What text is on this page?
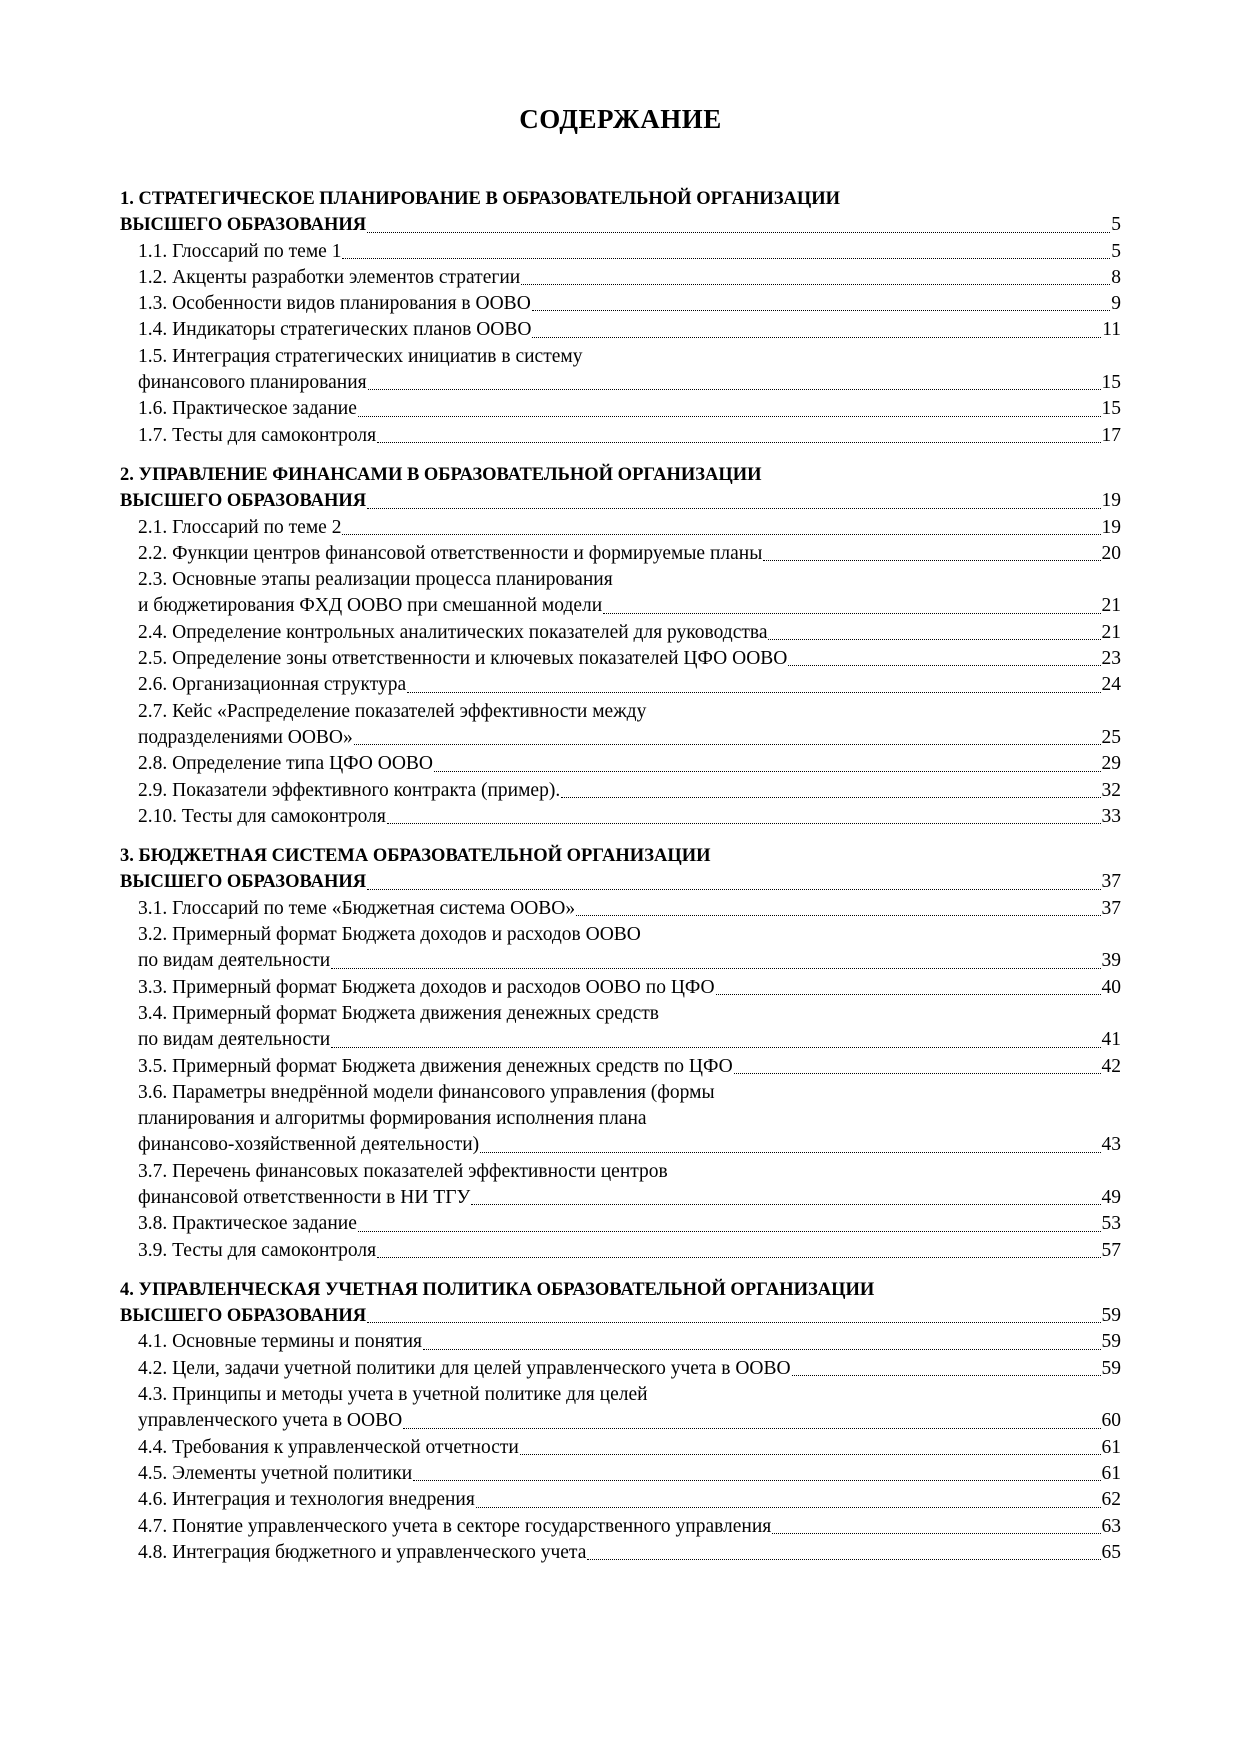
СОДЕРЖАНИЕ
1. СТРАТЕГИЧЕСКОЕ ПЛАНИРОВАНИЕ В ОБРАЗОВАТЕЛЬНОЙ ОРГАНИЗАЦИИ
ВЫСШЕГО ОБРАЗОВАНИЯ	5
1.1. Глоссарий по теме 1	5
1.2. Акценты разработки элементов стратегии	8
1.3. Особенности видов планирования в ООВО	9
1.4. Индикаторы стратегических планов ООВО	11
1.5. Интеграция стратегических инициатив в систему
финансового планирования	15
1.6. Практическое задание	15
1.7. Тесты для самоконтроля	17
2. УПРАВЛЕНИЕ ФИНАНСАМИ В ОБРАЗОВАТЕЛЬНОЙ ОРГАНИЗАЦИИ
ВЫСШЕГО ОБРАЗОВАНИЯ	19
2.1. Глоссарий по теме 2	19
2.2. Функции центров финансовой ответственности и формируемые планы	20
2.3. Основные этапы реализации процесса планирования
и бюджетирования ФХД ООВО при смешанной модели	21
2.4. Определение контрольных аналитических показателей для руководства	21
2.5. Определение зоны ответственности и ключевых показателей ЦФО ООВО	23
2.6. Организационная структура	24
2.7. Кейс «Распределение показателей эффективности между
подразделениями ООВО»	25
2.8. Определение типа ЦФО ООВО	29
2.9. Показатели эффективного контракта (пример).	32
2.10. Тесты для самоконтроля	33
3. БЮДЖЕТНАЯ СИСТЕМА ОБРАЗОВАТЕЛЬНОЙ ОРГАНИЗАЦИИ
ВЫСШЕГО ОБРАЗОВАНИЯ	37
3.1. Глоссарий по теме «Бюджетная система ООВО»	37
3.2. Примерный формат Бюджета доходов и расходов ООВО
по видам деятельности	39
3.3. Примерный формат Бюджета доходов и расходов ООВО по ЦФО	40
3.4. Примерный формат Бюджета движения денежных средств
по видам деятельности	41
3.5. Примерный формат Бюджета движения денежных средств по ЦФО	42
3.6. Параметры внедрённой модели финансового управления (формы
планирования и алгоритмы формирования исполнения плана
финансово-хозяйственной деятельности)	43
3.7. Перечень финансовых показателей эффективности центров
финансовой ответственности в НИ ТГУ	49
3.8. Практическое задание	53
3.9. Тесты для самоконтроля	57
4. УПРАВЛЕНЧЕСКАЯ УЧЕТНАЯ ПОЛИТИКА ОБРАЗОВАТЕЛЬНОЙ ОРГАНИЗАЦИИ
ВЫСШЕГО ОБРАЗОВАНИЯ	59
4.1. Основные термины и понятия	59
4.2. Цели, задачи учетной политики для целей управленческого учета в ООВО	59
4.3. Принципы и методы учета в учетной политике для целей
управленческого учета в ООВО	60
4.4. Требования к управленческой отчетности	61
4.5. Элементы учетной политики	61
4.6. Интеграция и технология внедрения	62
4.7. Понятие управленческого учета в секторе государственного управления	63
4.8. Интеграция бюджетного и управленческого учета	65
